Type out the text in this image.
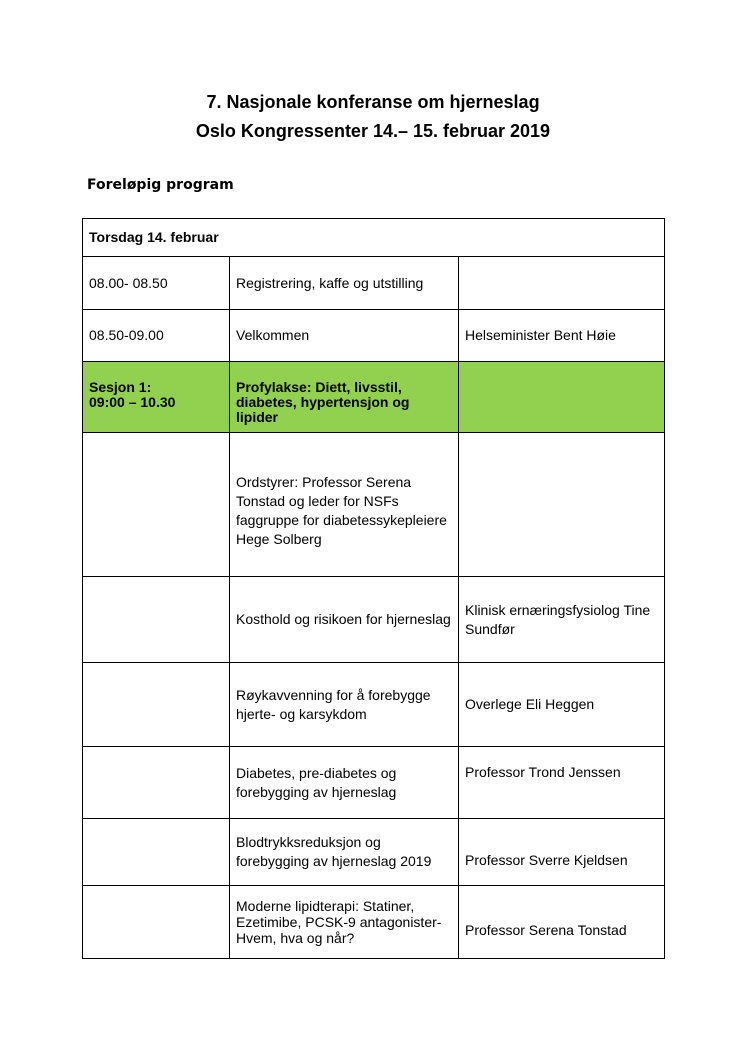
7. Nasjonale konferanse om hjerneslag
Oslo Kongressenter 14.– 15. februar 2019
Foreløpig program
Torsdag 14. februar		
08.00- 08.50	Registrering, kaffe og utstilling	
08.50-09.00	Velkommen	Helseminister Bent Høie
Sesjon 1:
09:00 – 10.30	Profylakse: Diett, livsstil, diabetes, hypertensjon og lipider	
	Ordstyrer: Professor Serena Tonstad og leder for NSFs faggruppe for diabetessykepleiere Hege Solberg	
	Kosthold og risikoen for hjerneslag	Klinisk ernæringsfysiolog Tine Sundfør
	Røykavvenning for å forebygge hjerte- og karsykdom	Overlege Eli Heggen
	Diabetes, pre-diabetes og forebygging av hjerneslag	Professor Trond Jenssen
	Blodtrykksreduksjon og forebygging av hjerneslag 2019	Professor Sverre Kjeldsen
	Moderne lipidterapi: Statiner, Ezetimibe, PCSK-9 antagonister- Hvem, hva og når?	Professor Serena Tonstad
